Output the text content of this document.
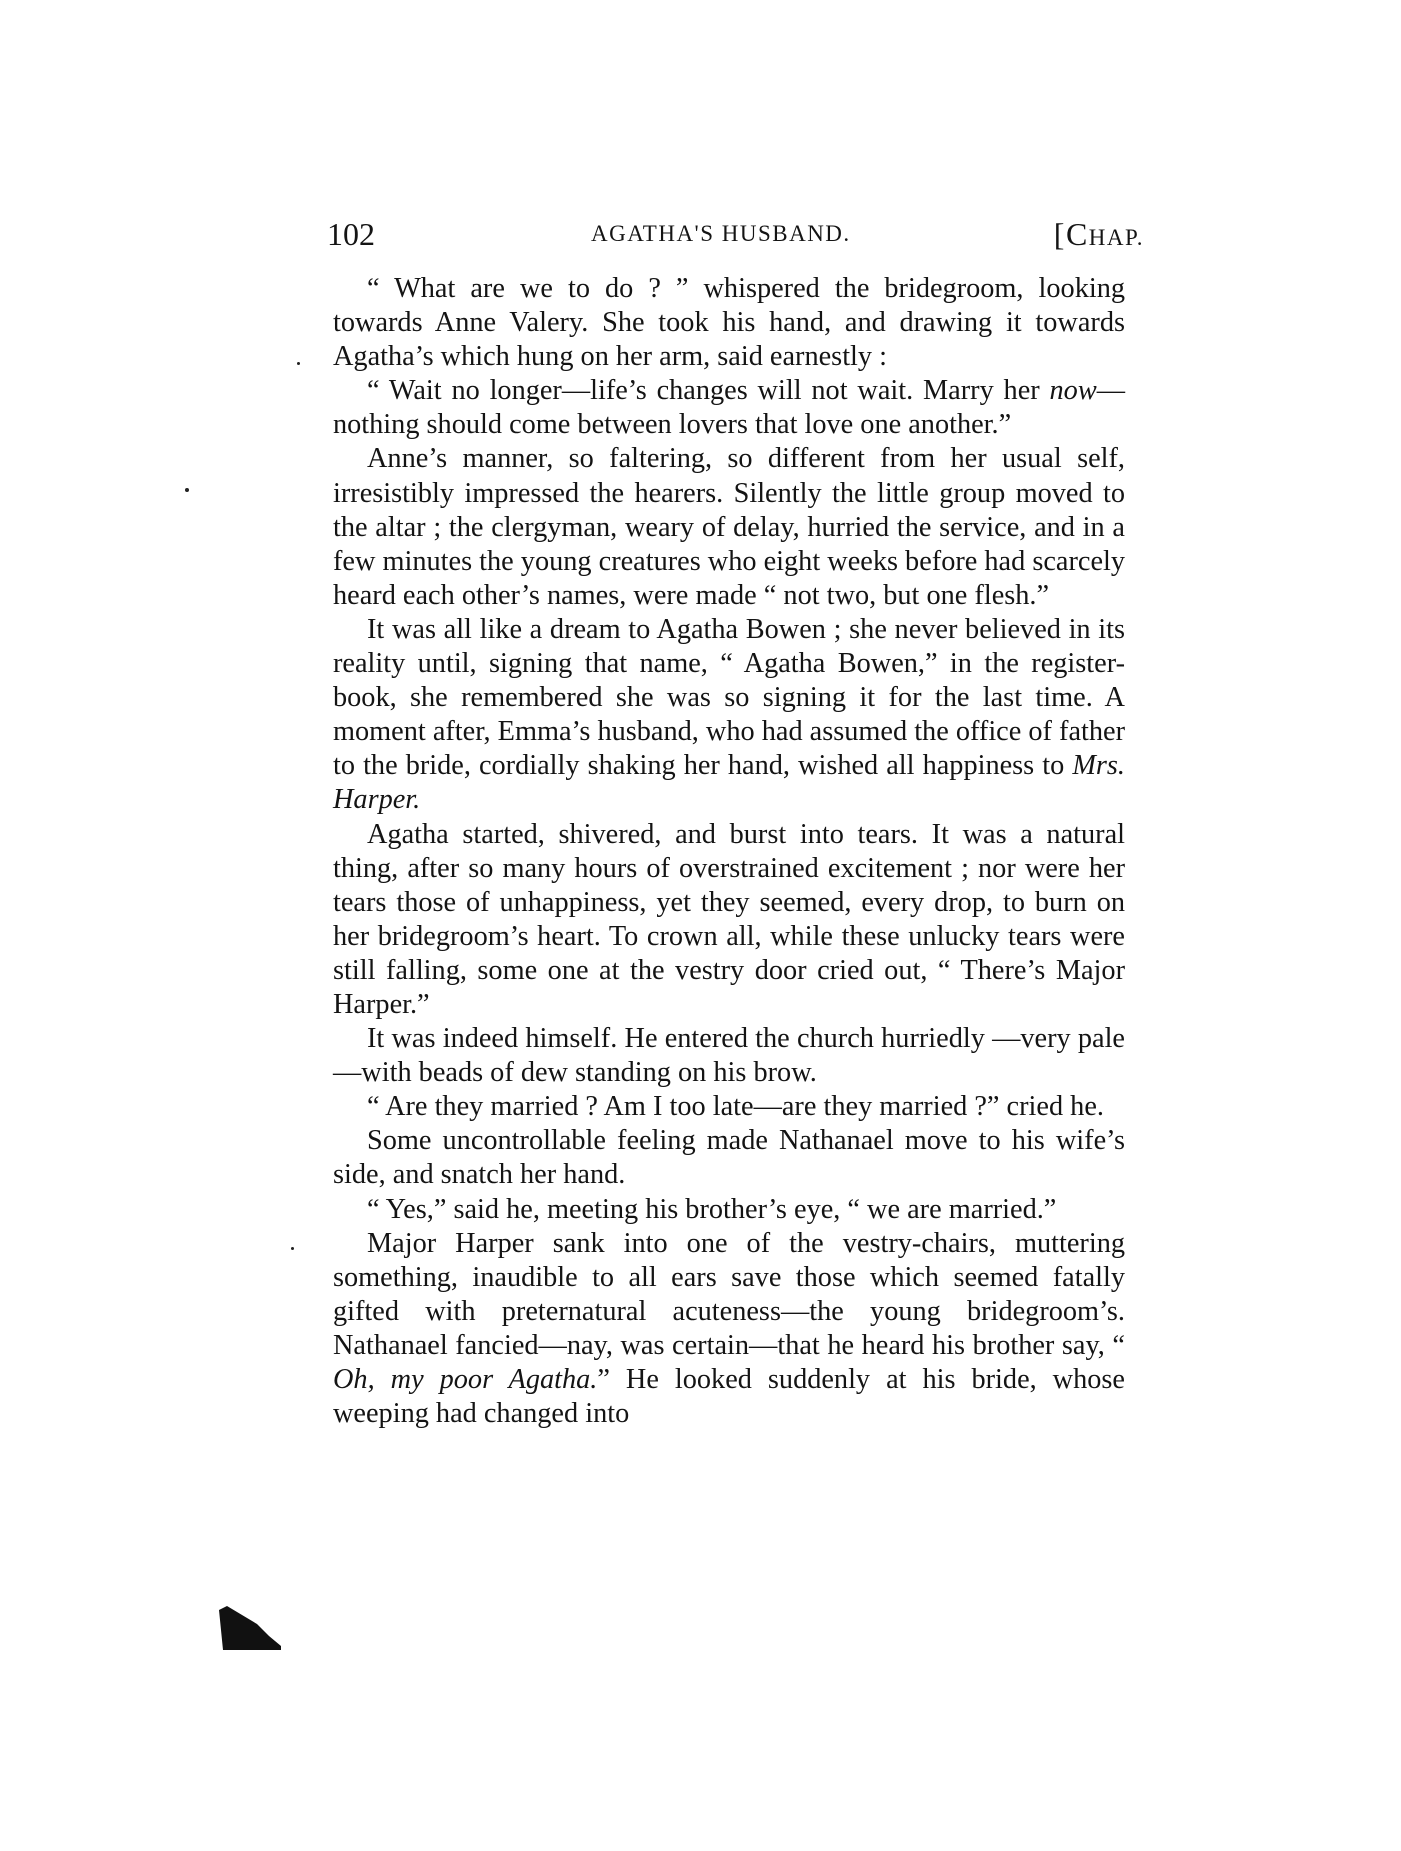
102	AGATHA'S HUSBAND.	[CHAP.

“ What are we to do ? ” whispered the bridegroom, looking towards Anne Valery. She took his hand, and drawing it towards Agatha’s which hung on her arm, said earnestly :

“ Wait no longer—life’s changes will not wait. Marry her now—nothing should come between lovers that love one another.”

Anne’s manner, so faltering, so different from her usual self, irresistibly impressed the hearers. Silently the little group moved to the altar ; the clergyman, weary of delay, hurried the service, and in a few minutes the young creatures who eight weeks before had scarcely heard each other’s names, were made “ not two, but one flesh.”

It was all like a dream to Agatha Bowen ; she never believed in its reality until, signing that name, “ Agatha Bowen,” in the register-book, she remembered she was so signing it for the last time. A moment after, Emma’s husband, who had assumed the office of father to the bride, cordially shaking her hand, wished all happiness to Mrs. Harper.

Agatha started, shivered, and burst into tears. It was a natural thing, after so many hours of overstrained excitement ; nor were her tears those of unhappiness, yet they seemed, every drop, to burn on her bridegroom’s heart. To crown all, while these unlucky tears were still falling, some one at the vestry door cried out, “ There’s Major Harper.”

It was indeed himself. He entered the church hurriedly —very pale—with beads of dew standing on his brow.

“ Are they married ? Am I too late—are they married ?” cried he.

Some uncontrollable feeling made Nathanael move to his wife’s side, and snatch her hand.

“ Yes,” said he, meeting his brother’s eye, “ we are married.”

Major Harper sank into one of the vestry-chairs, muttering something, inaudible to all ears save those which seemed fatally gifted with preternatural acuteness—the young bridegroom’s. Nathanael fancied—nay, was certain—that he heard his brother say, “ Oh, my poor Agatha.” He looked suddenly at his bride, whose weeping had changed into
